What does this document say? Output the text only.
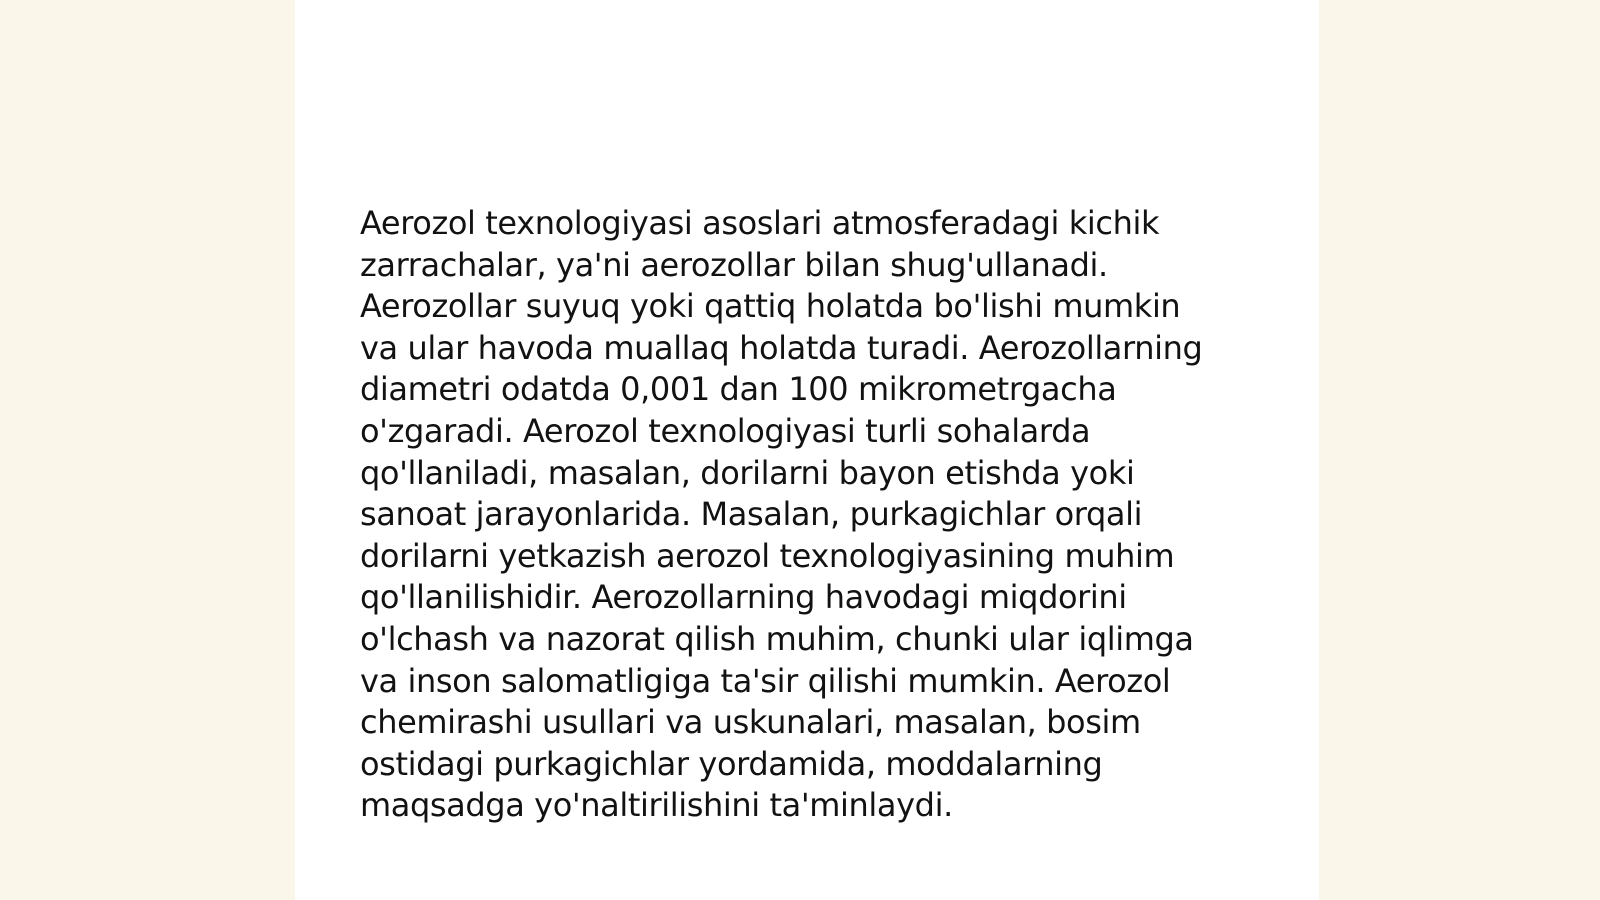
Aerozol texnologiyasi asoslari atmosferadagi kichik
zarrachalar, ya'ni aerozollar bilan shug'ullanadi.
Aerozollar suyuq yoki qattiq holatda bo'lishi mumkin
va ular havoda muallaq holatda turadi. Aerozollarning
diametri odatda 0,001 dan 100 mikrometrgacha
o'zgaradi. Aerozol texnologiyasi turli sohalarda
qo'llaniladi, masalan, dorilarni bayon etishda yoki
sanoat jarayonlarida. Masalan, purkagichlar orqali
dorilarni yetkazish aerozol texnologiyasining muhim
qo'llanilishidir. Aerozollarning havodagi miqdorini
o'lchash va nazorat qilish muhim, chunki ular iqlimga
va inson salomatligiga ta'sir qilishi mumkin. Aerozol
chemirashi usullari va uskunalari, masalan, bosim
ostidagi purkagichlar yordamida, moddalarning
maqsadga yo'naltirilishini ta'minlaydi.
